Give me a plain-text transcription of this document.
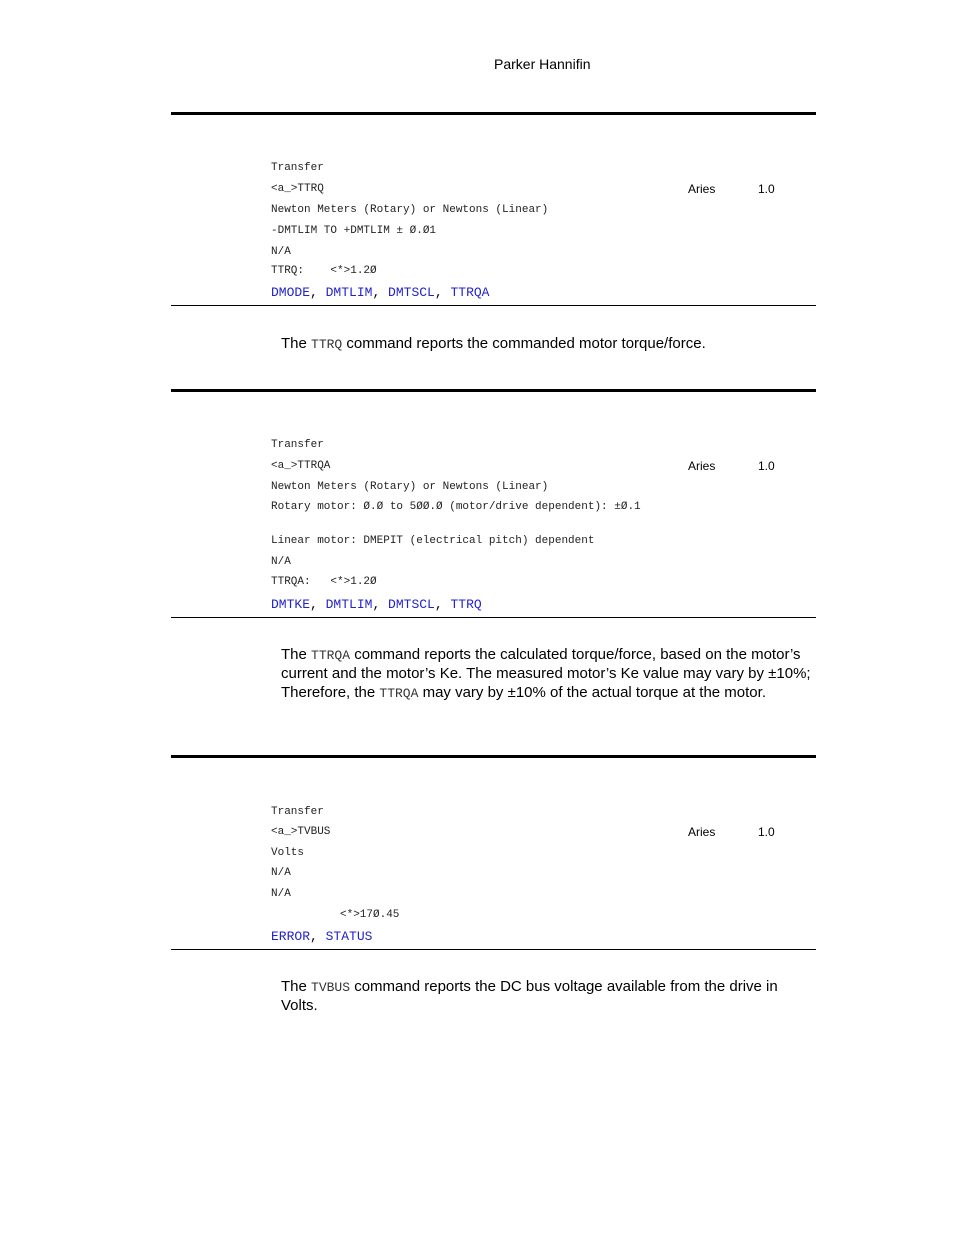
Parker Hannifin
Transfer
<a_>TTRQ	Aries	1.0
Newton Meters (Rotary) or Newtons (Linear)
-DMTLIM TO +DMTLIM ± Ø.Ø1
N/A
TTRQ: <*>1.2Ø
DMODE, DMTLIM, DMTSCL, TTRQA
The TTRQ command reports the commanded motor torque/force.
Transfer
<a_>TTRQA	Aries	1.0
Newton Meters (Rotary) or Newtons (Linear)
Rotary motor: Ø.Ø to 5ØØ.Ø (motor/drive dependent): ±Ø.1
Linear motor: DMEPIT (electrical pitch) dependent
N/A
TTRQA: <*>1.2Ø
DMTKE, DMTLIM, DMTSCL, TTRQ
The TTRQA command reports the calculated torque/force, based on the motor’s current and the motor’s Ke. The measured motor’s Ke value may vary by ±10%; Therefore, the TTRQA may vary by ±10% of the actual torque at the motor.
Transfer
<a_>TVBUS	Aries	1.0
Volts
N/A
N/A
<*>17Ø.45
ERROR, STATUS
The TVBUS command reports the DC bus voltage available from the drive in Volts.
